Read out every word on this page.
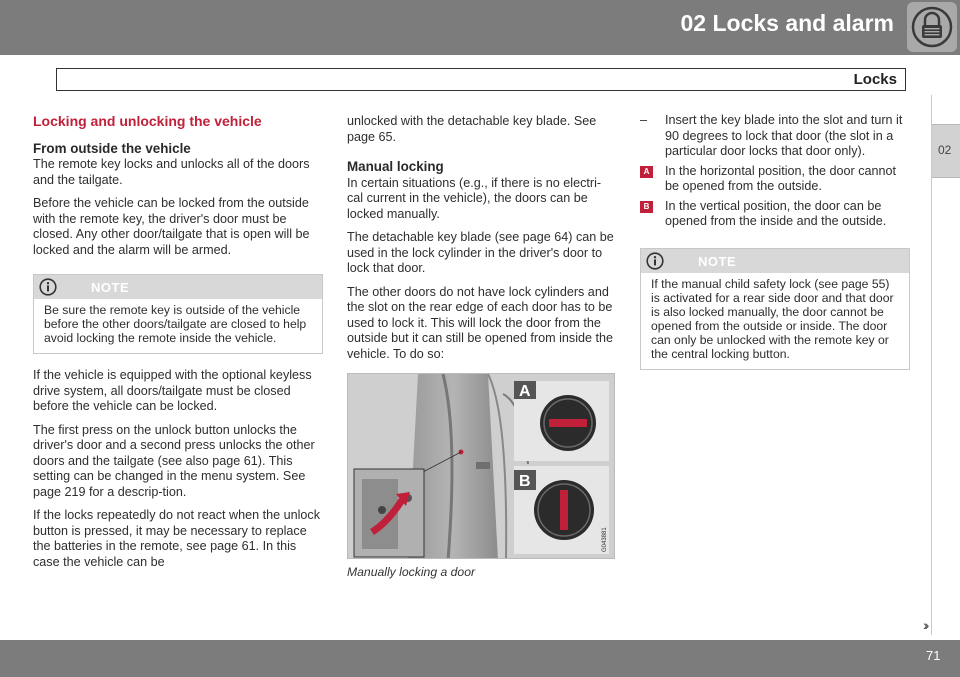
02 Locks and alarm
Locks
02
Locking and unlocking the vehicle
From outside the vehicle

The remote key locks and unlocks all of the doors and the tailgate.

Before the vehicle can be locked from the outside with the remote key, the driver's door must be closed. Any other door/tailgate that is open will be locked and the alarm will be armed.

NOTE
Be sure the remote key is outside of the vehicle before the other doors/tailgate are closed to help avoid locking the remote inside the vehicle.

If the vehicle is equipped with the optional keyless drive system, all doors/tailgate must be closed before the vehicle can be locked.

The first press on the unlock button unlocks the driver's door and a second press unlocks the other doors and the tailgate (see also page 61). This setting can be changed in the menu system. See page 219 for a descrip-tion.

If the locks repeatedly do not react when the unlock button is pressed, it may be necessary to replace the batteries in the remote, see page 61. In this case the vehicle can be

unlocked with the detachable key blade. See page 65.

Manual locking

In certain situations (e.g., if there is no electri-cal current in the vehicle), the doors can be locked manually.

The detachable key blade (see page 64) can be used in the lock cylinder in the driver's door to lock that door.

The other doors do not have lock cylinders and the slot on the rear edge of each door has to be used to lock it. This will lock the door from the outside but it can still be opened from inside the vehicle. To do so:

A
B
G043881
Manually locking a door
– Insert the key blade into the slot and turn it 90 degrees to lock that door (the slot in a particular door locks that door only).
A In the horizontal position, the door cannot be opened from the outside.
B In the vertical position, the door can be opened from the inside and the outside.
NOTE
If the manual child safety lock (see page 55) is activated for a rear side door and that door is also locked manually, the door cannot be opened from the outside or inside. The door can only be unlocked with the remote key or the central locking button.
››
71
